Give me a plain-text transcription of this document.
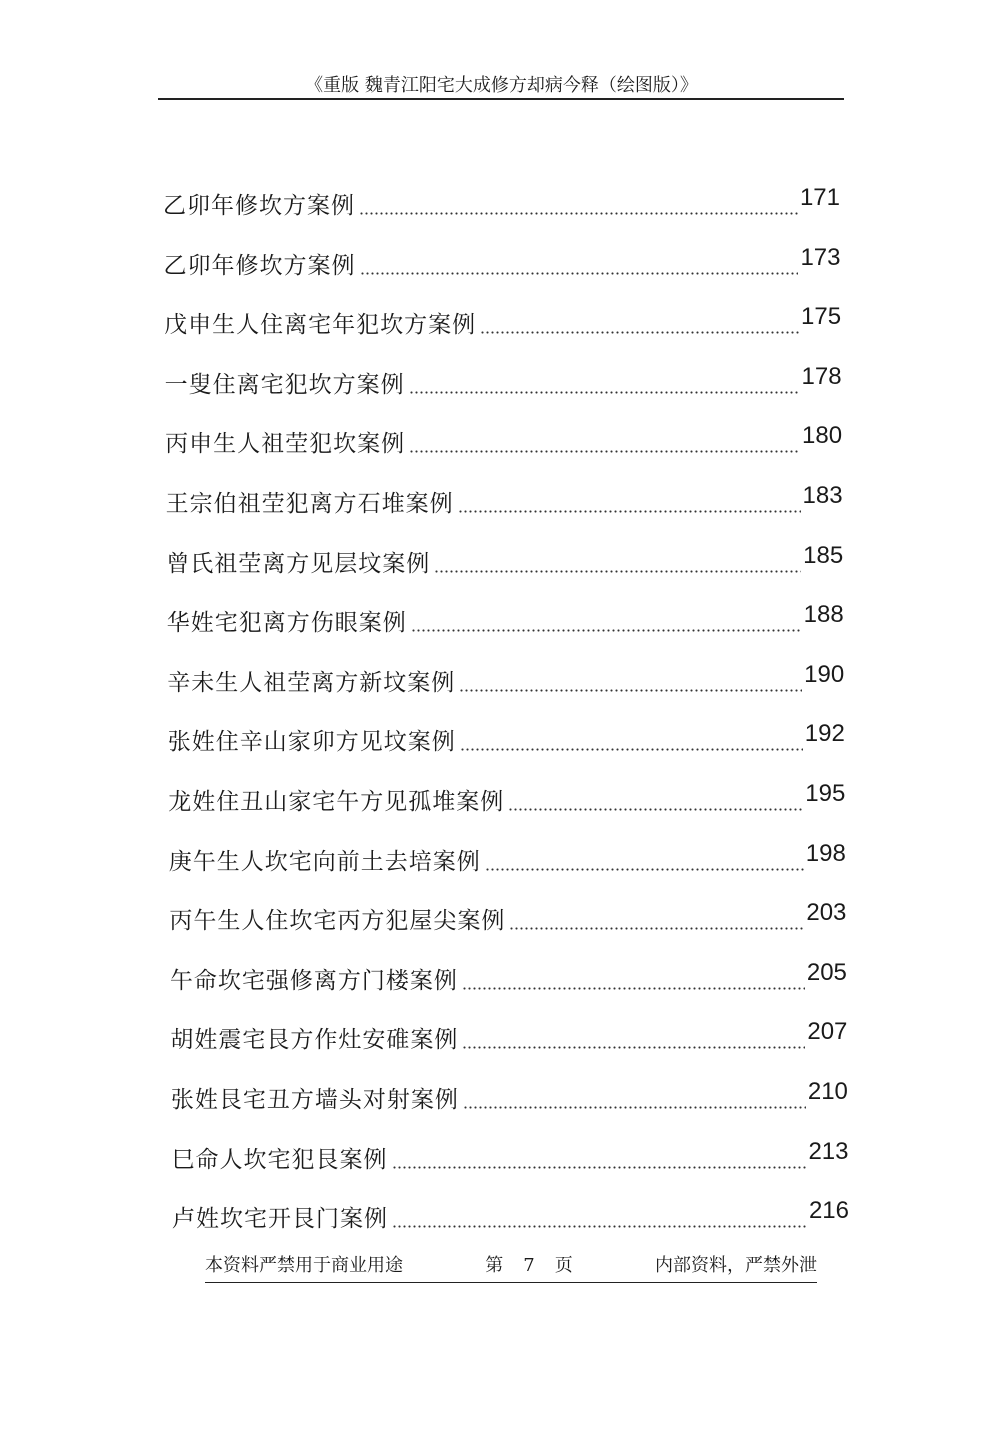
《重版 魏青江阳宅大成修方却病今释（绘图版）》
乙卯年修坎方案例	171
乙卯年修坎方案例	173
戊申生人住离宅年犯坎方案例	175
一叟住离宅犯坎方案例	178
丙申生人祖茔犯坎案例	180
王宗伯祖茔犯离方石堆案例	183
曾氏祖茔离方见层坟案例	185
华姓宅犯离方伤眼案例	188
辛未生人祖茔离方新坟案例	190
张姓住辛山家卯方见坟案例	192
龙姓住丑山家宅午方见孤堆案例	195
庚午生人坎宅向前土去培案例	198
丙午生人住坎宅丙方犯屋尖案例	203
午命坎宅强修离方门楼案例	205
胡姓震宅艮方作灶安碓案例	207
张姓艮宅丑方墙头对射案例	210
巳命人坎宅犯艮案例	213
卢姓坎宅开艮门案例	216
本资料严禁用于商业用途	第 7 页	内部资料，严禁外泄
